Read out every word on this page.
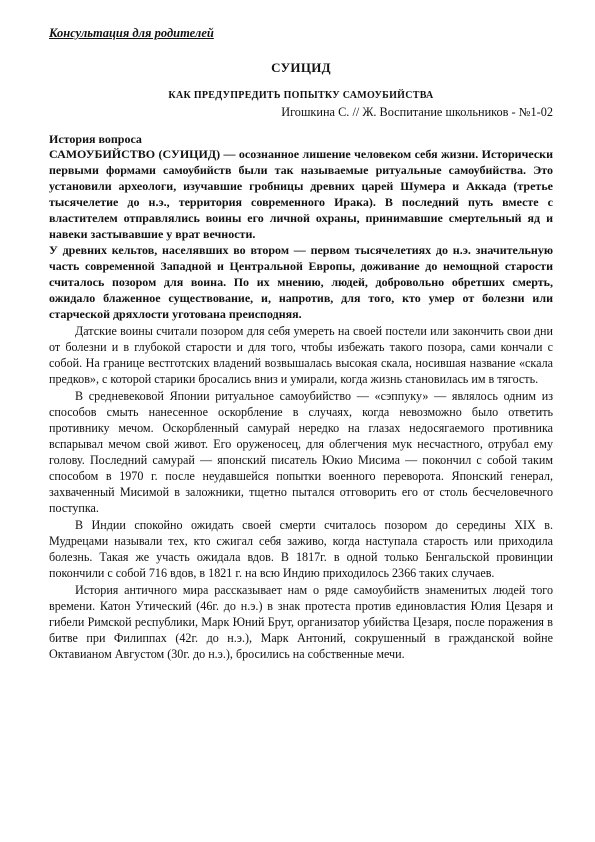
Консультация для родителей
СУИЦИД
КАК ПРЕДУПРЕДИТЬ ПОПЫТКУ САМОУБИЙСТВА
Игошкина С. // Ж. Воспитание школьников - №1-02
История вопроса

САМОУБИЙСТВО (СУИЦИД) — осознанное лишение человеком себя жизни. Исторически первыми формами самоубийств были так называемые ритуальные самоубийства. Это установили археологи, изучавшие гробницы древних царей Шумера и Аккада (третье тысячелетие до н.э., территория современного Ирака). В последний путь вместе с властителем отправлялись воины его личной охраны, принимавшие смертельный яд и навеки застывавшие у врат вечности.

У древних кельтов, населявших во втором — первом тысячелетиях до н.э. значительную часть современной Западной и Центральной Европы, доживание до немощной старости считалось позором для воина. По их мнению, людей, добровольно обретших смерть, ожидало блаженное существование, и, напротив, для того, кто умер от болезни или старческой дряхлости уготована преисподняя.

Датские воины считали позором для себя умереть на своей постели или закончить свои дни от болезни и в глубокой старости и для того, чтобы избежать такого позора, сами кончали с собой. На границе вестготских владений возвышалась высокая скала, носившая название «скала предков», с которой старики бросались вниз и умирали, когда жизнь становилась им в тягость.

В средневековой Японии ритуальное самоубийство — «сэппуку» — являлось одним из способов смыть нанесенное оскорбление в случаях, когда невозможно было ответить противнику мечом. Оскорбленный самурай нередко на глазах недосягаемого противника вспарывал мечом свой живот. Его оруженосец, для облегчения мук несчастного, отрубал ему голову. Последний самурай — японский писатель Юкио Мисима — покончил с собой таким способом в 1970 г. после неудавшейся попытки военного переворота. Японский генерал, захваченный Мисимой в заложники, тщетно пытался отговорить его от столь бесчеловечного поступка.

В Индии спокойно ожидать своей смерти считалось позором до середины XIX в. Мудрецами называли тех, кто сжигал себя заживо, когда наступала старость или приходила болезнь. Такая же участь ожидала вдов. В 1817г. в одной только Бенгальской провинции покончили с собой 716 вдов, в 1821 г. на всю Индию приходилось 2366 таких случаев.

История античного мира рассказывает нам о ряде самоубийств знаменитых людей того времени. Катон Утический (46г. до н.э.) в знак протеста против единовластия Юлия Цезаря и гибели Римской республики, Марк Юний Брут, организатор убийства Цезаря, после поражения в битве при Филиппах (42г. до н.э.), Марк Антоний, сокрушенный в гражданской войне Октавианом Августом (30г. до н.э.), бросились на собственные мечи.
